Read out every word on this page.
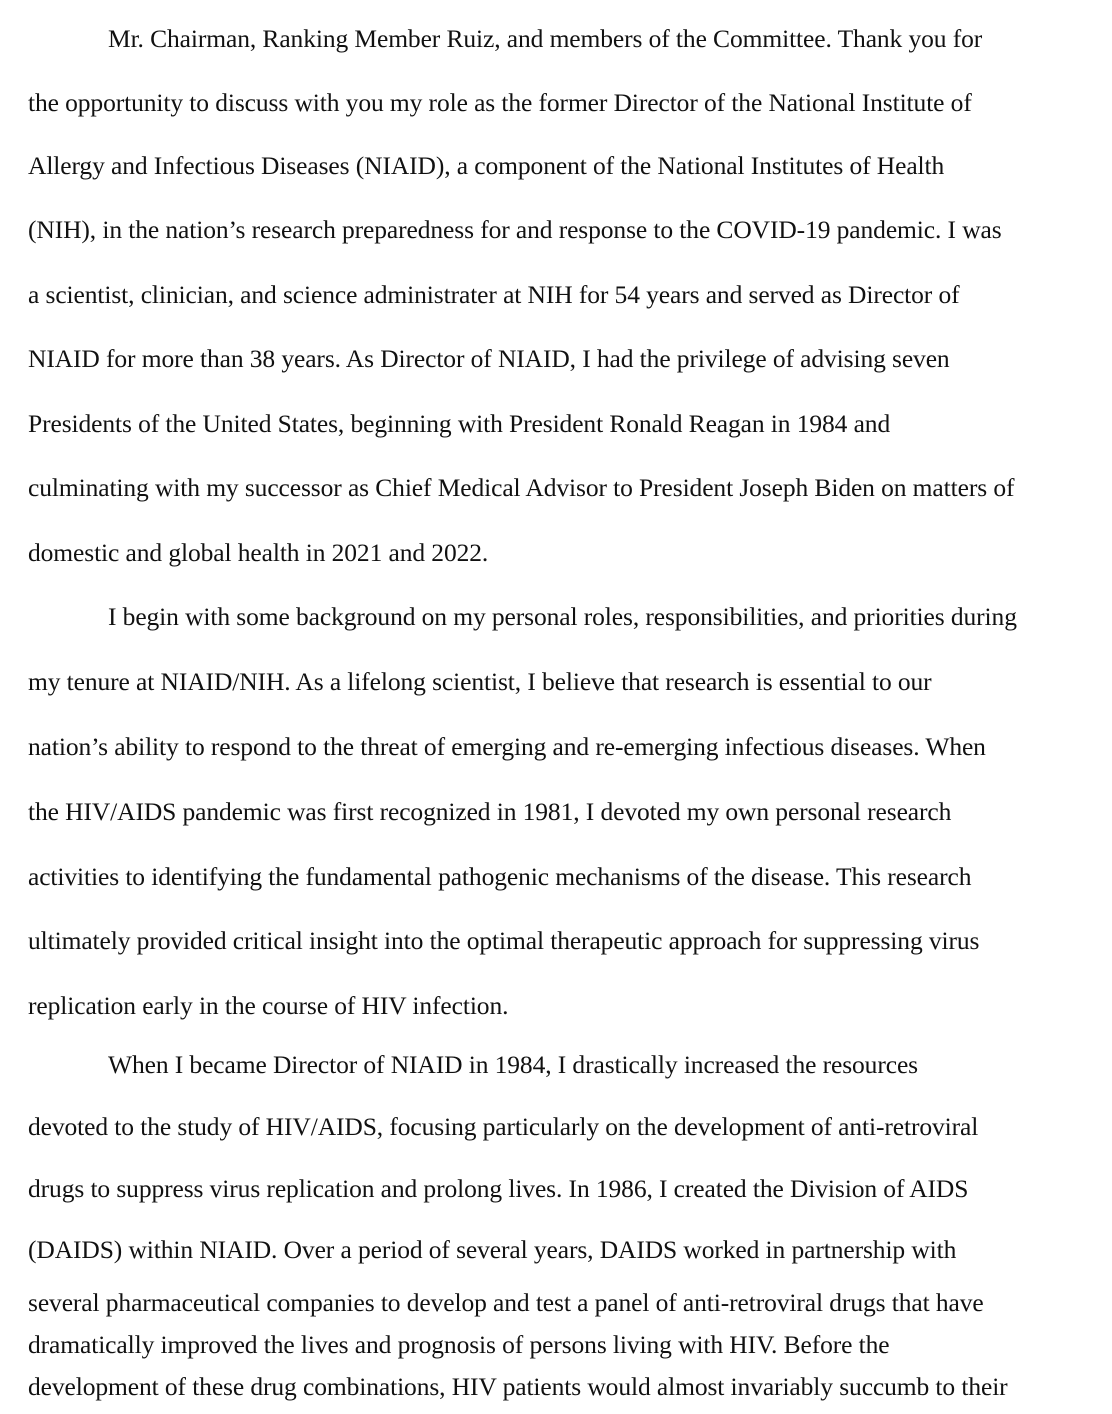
Mr. Chairman, Ranking Member Ruiz, and members of the Committee. Thank you for
the opportunity to discuss with you my role as the former Director of the National Institute of
Allergy and Infectious Diseases (NIAID), a component of the National Institutes of Health
(NIH), in the nation’s research preparedness for and response to the COVID-19 pandemic. I was
a scientist, clinician, and science administrater at NIH for 54 years and served as Director of
NIAID for more than 38 years. As Director of NIAID, I had the privilege of advising seven
Presidents of the United States, beginning with President Ronald Reagan in 1984 and
culminating with my successor as Chief Medical Advisor to President Joseph Biden on matters of
domestic and global health in 2021 and 2022.
I begin with some background on my personal roles, responsibilities, and priorities during
my tenure at NIAID/NIH. As a lifelong scientist, I believe that research is essential to our
nation’s ability to respond to the threat of emerging and re-emerging infectious diseases. When
the HIV/AIDS pandemic was first recognized in 1981, I devoted my own personal research
activities to identifying the fundamental pathogenic mechanisms of the disease. This research
ultimately provided critical insight into the optimal therapeutic approach for suppressing virus
replication early in the course of HIV infection.
When I became Director of NIAID in 1984, I drastically increased the resources
devoted to the study of HIV/AIDS, focusing particularly on the development of anti-retroviral
drugs to suppress virus replication and prolong lives. In 1986, I created the Division of AIDS
(DAIDS) within NIAID. Over a period of several years, DAIDS worked in partnership with
several pharmaceutical companies to develop and test a panel of anti-retroviral drugs that have
dramatically improved the lives and prognosis of persons living with HIV. Before the
development of these drug combinations, HIV patients would almost invariably succumb to their
